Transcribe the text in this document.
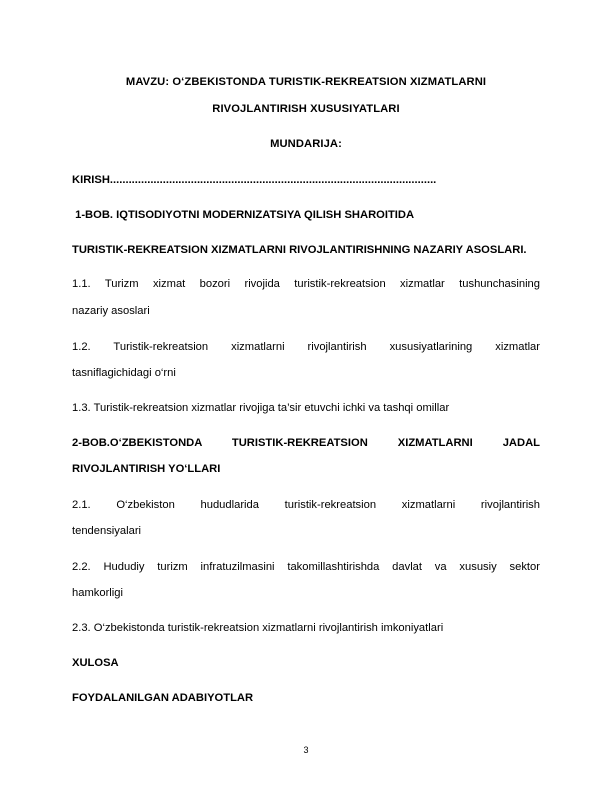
MAVZU: O‘ZBEKISTONDA TURISTIK-REKREATSION XIZMATLARNI
RIVOJLANTIRISH XUSUSIYATLARI
MUNDARIJA:
KIRISH.........................................................................................................
1-BOB. IQTISODIYOTNI MODERNIZATSIYA QILISH SHAROITIDA
TURISTIK-REKREATSION XIZMATLARNI RIVOJLANTIRISHNING NAZARIY ASOSLARI.
1.1. Turizm xizmat bozori rivojida turistik-rekreatsion xizmatlar tushunchasining
nazariy asoslari
1.2. Turistik-rekreatsion xizmatlarni rivojlantirish xususiyatlarining xizmatlar
tasniflagichidagi o‘rni
1.3. Turistik-rekreatsion xizmatlar rivojiga ta’sir etuvchi ichki va tashqi omillar
2-BOB.O‘ZBEKISTONDA TURISTIK-REKREATSION XIZMATLARNI JADAL
RIVOJLANTIRISH YO‘LLARI
2.1. O‘zbekiston hududlarida turistik-rekreatsion xizmatlarni rivojlantirish
tendensiyalari
2.2. Hududiy turizm infratuzilmasini takomillashtirishda davlat va xususiy sektor
hamkorligi
2.3. O‘zbekistonda turistik-rekreatsion xizmatlarni rivojlantirish imkoniyatlari
XULOSA
FOYDALANILGAN ADABIYOTLAR
3
